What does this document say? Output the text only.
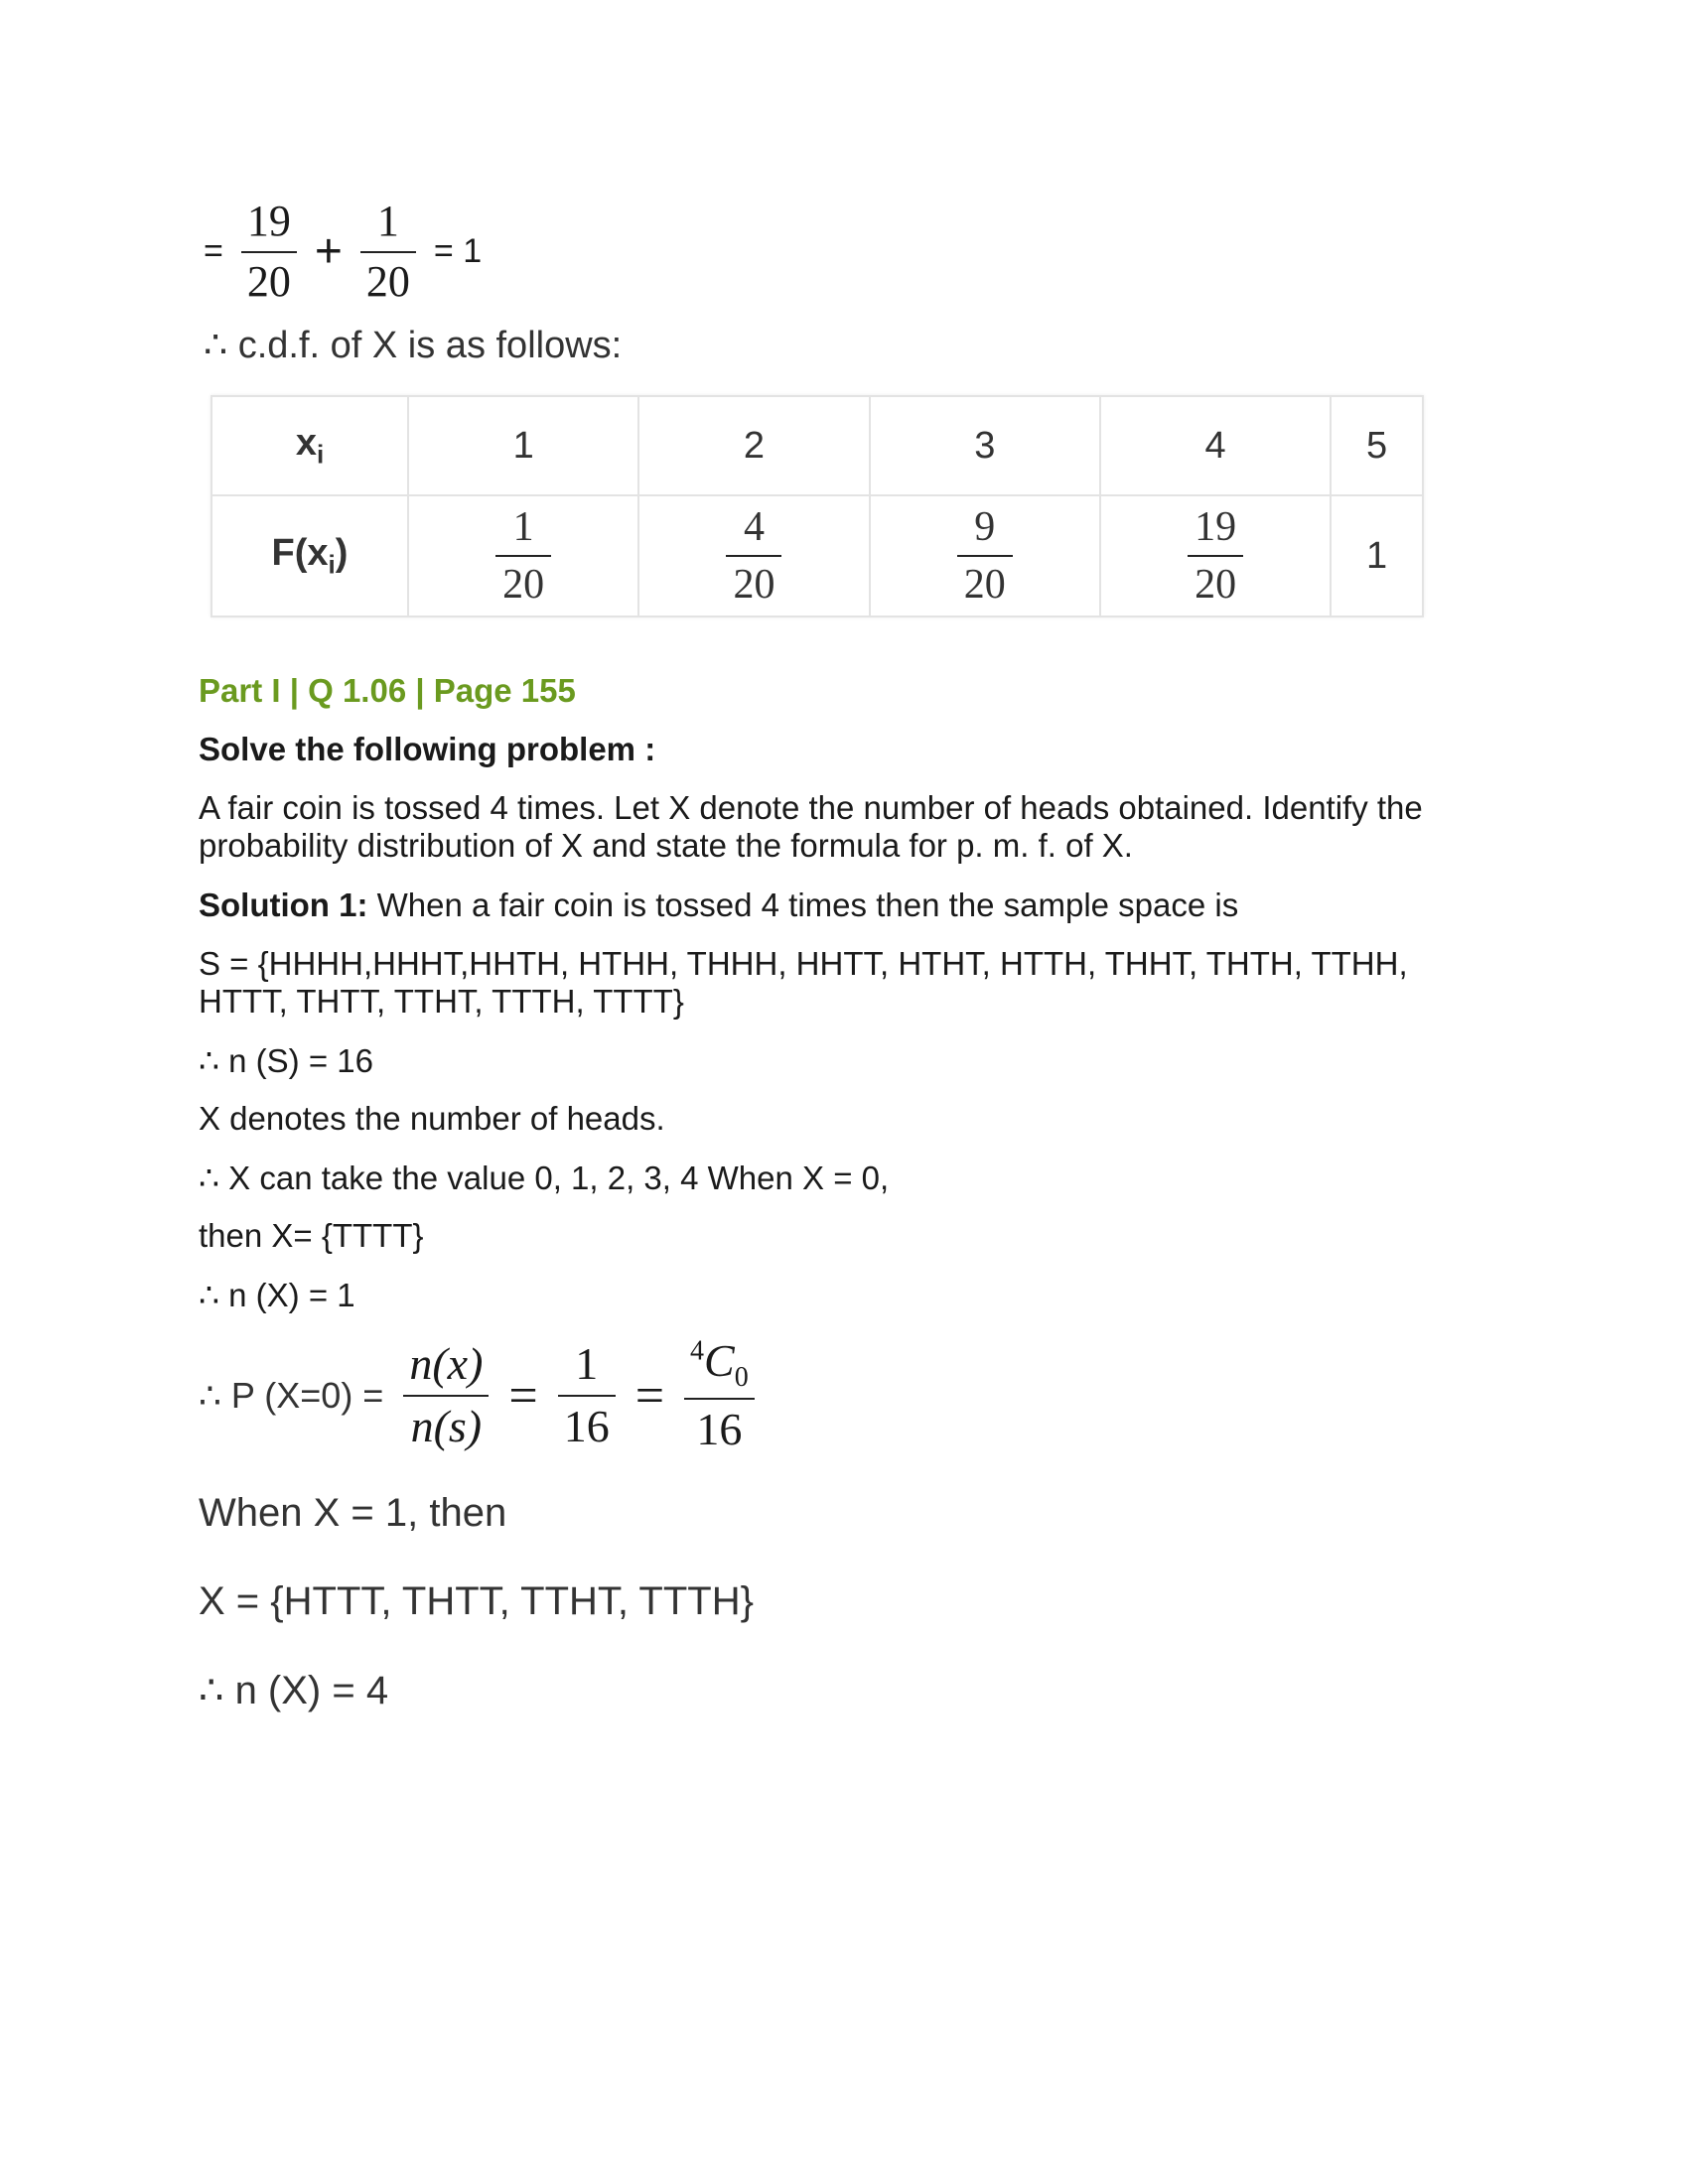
= $\frac{19}{20} + \frac{1}{20} = 1$
∴ c.d.f. of X is as follows:
$x_i$	1	2	3	4	5
$F(x_i)$	$\frac{1}{20}$	$\frac{4}{20}$	$\frac{9}{20}$	$\frac{19}{20}$	1
Part I | Q 1.06 | Page 155
Solve the following problem :
A fair coin is tossed 4 times. Let X denote the number of heads obtained. Identify the probability distribution of X and state the formula for p. m. f. of X.
Solution 1: When a fair coin is tossed 4 times then the sample space is
S = {HHHH,HHHT,HHTH, HTHH, THHH, HHTT, HTHT, HTTH, THHT, THTH, TTHH, HTTT, THTT, TTHT, TTTH, TTTT}
∴ n (S) = 16
X denotes the number of heads.
∴ X can take the value 0, 1, 2, 3, 4 When X = 0,
then X= {TTTT}
∴ n (X) = 1
∴ P $(X=0) = \frac{n(x)}{n(s)} = \frac{1}{16} = \frac{^4C_0}{16}$
When X = 1, then
X = {HTTT, THTT, TTHT, TTTH}
∴ n (X) = 4
